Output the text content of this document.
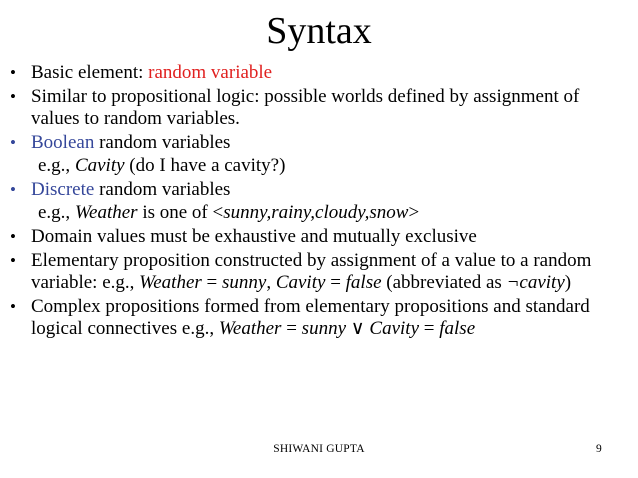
Syntax
• Basic element: random variable
• Similar to propositional logic: possible worlds defined by assignment of values to random variables.
• Boolean random variables
e.g., Cavity (do I have a cavity?)
• Discrete random variables
e.g., Weather is one of <sunny,rainy,cloudy,snow>
• Domain values must be exhaustive and mutually exclusive
• Elementary proposition constructed by assignment of a value to a random variable: e.g., Weather = sunny, Cavity = false (abbreviated as ¬cavity)
• Complex propositions formed from elementary propositions and standard logical connectives e.g., Weather = sunny ∨ Cavity = false
SHIWANI GUPTA	9
